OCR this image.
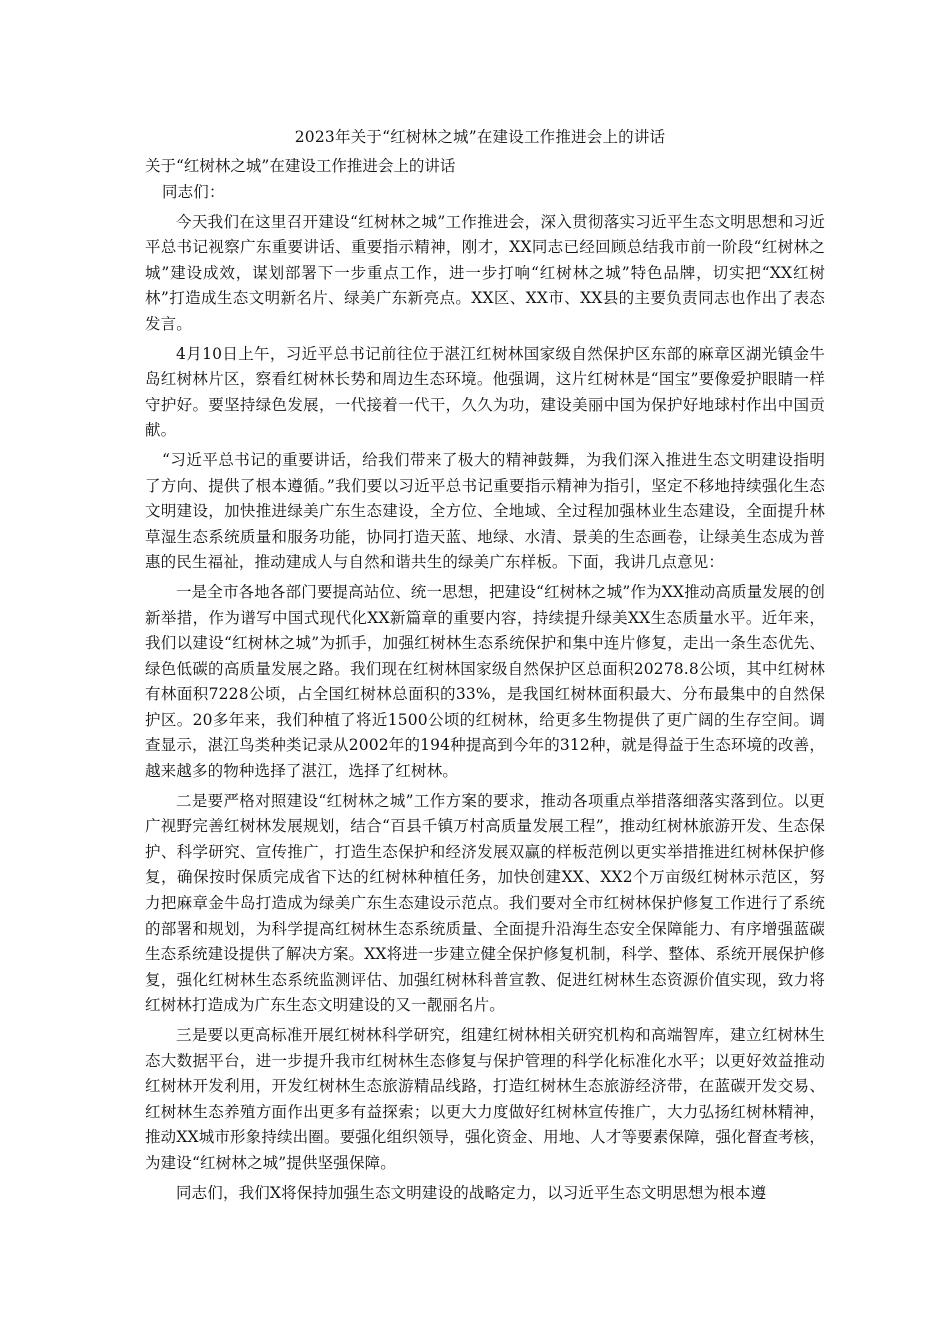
2023年关于“红树林之城”在建设工作推进会上的讲话
关于“红树林之城”在建设工作推进会上的讲话

同志们：

今天我们在这里召开建设“红树林之城”工作推进会，深入贯彻落实习近平生态文明思想和习近平总书记视察广东重要讲话、重要指示精神，刚才，XX同志已经回顾总结我市前一阶段“红树林之城”建设成效，谋划部署下一步重点工作，进一步打响“红树林之城”特色品牌，切实把“XX红树林”打造成生态文明新名片、绿美广东新亮点。XX区、XX市、XX县的主要负责同志也作出了表态发言。

4月10日上午，习近平总书记前往位于湛江红树林国家级自然保护区东部的麻章区湖光镇金牛岛红树林片区，察看红树林长势和周边生态环境。他强调，这片红树林是“国宝”要像爱护眼睛一样守护好。要坚持绿色发展，一代接着一代干，久久为功，建设美丽中国为保护好地球村作出中国贡献。

“习近平总书记的重要讲话，给我们带来了极大的精神鼓舞，为我们深入推进生态文明建设指明了方向、提供了根本遵循。”我们要以习近平总书记重要指示精神为指引，坚定不移地持续强化生态文明建设，加快推进绿美广东生态建设，全方位、全地域、全过程加强林业生态建设，全面提升林草湿生态系统质量和服务功能，协同打造天蓝、地绿、水清、景美的生态画卷，让绿美生态成为普惠的民生福祉，推动建成人与自然和谐共生的绿美广东样板。下面，我讲几点意见：

一是全市各地各部门要提高站位、统一思想，把建设“红树林之城”作为XX推动高质量发展的创新举措，作为谱写中国式现代化XX新篇章的重要内容，持续提升绿美XX生态质量水平。近年来，我们以建设“红树林之城”为抓手，加强红树林生态系统保护和集中连片修复，走出一条生态优先、绿色低碳的高质量发展之路。我们现在红树林国家级自然保护区总面积20278.8公顷，其中红树林有林面积7228公顷，占全国红树林总面积的33%，是我国红树林面积最大、分布最集中的自然保护区。20多年来，我们种植了将近1500公顷的红树林，给更多生物提供了更广阔的生存空间。调查显示，湛江鸟类种类记录从2002年的194种提高到今年的312种，就是得益于生态环境的改善，越来越多的物种选择了湛江，选择了红树林。

二是要严格对照建设“红树林之城”工作方案的要求，推动各项重点举措落细落实落到位。以更广视野完善红树林发展规划，结合“百县千镇万村高质量发展工程”，推动红树林旅游开发、生态保护、科学研究、宣传推广，打造生态保护和经济发展双赢的样板范例以更实举措推进红树林保护修复，确保按时保质完成省下达的红树林种植任务，加快创建XX、XX2个万亩级红树林示范区，努力把麻章金牛岛打造成为绿美广东生态建设示范点。我们要对全市红树林保护修复工作进行了系统的部署和规划，为科学提高红树林生态系统质量、全面提升沿海生态安全保障能力、有序增强蓝碳生态系统建设提供了解决方案。XX将进一步建立健全保护修复机制，科学、整体、系统开展保护修复，强化红树林生态系统监测评估、加强红树林科普宣教、促进红树林生态资源价值实现，致力将红树林打造成为广东生态文明建设的又一靓丽名片。

三是要以更高标准开展红树林科学研究，组建红树林相关研究机构和高端智库，建立红树林生态大数据平台，进一步提升我市红树林生态修复与保护管理的科学化标准化水平；以更好效益推动红树林开发利用，开发红树林生态旅游精品线路，打造红树林生态旅游经济带，在蓝碳开发交易、红树林生态养殖方面作出更多有益探索；以更大力度做好红树林宣传推广，大力弘扬红树林精神，推动XX城市形象持续出圈。要强化组织领导，强化资金、用地、人才等要素保障，强化督查考核，为建设“红树林之城”提供坚强保障。

同志们，我们X将保持加强生态文明建设的战略定力，以习近平生态文明思想为根本遵
